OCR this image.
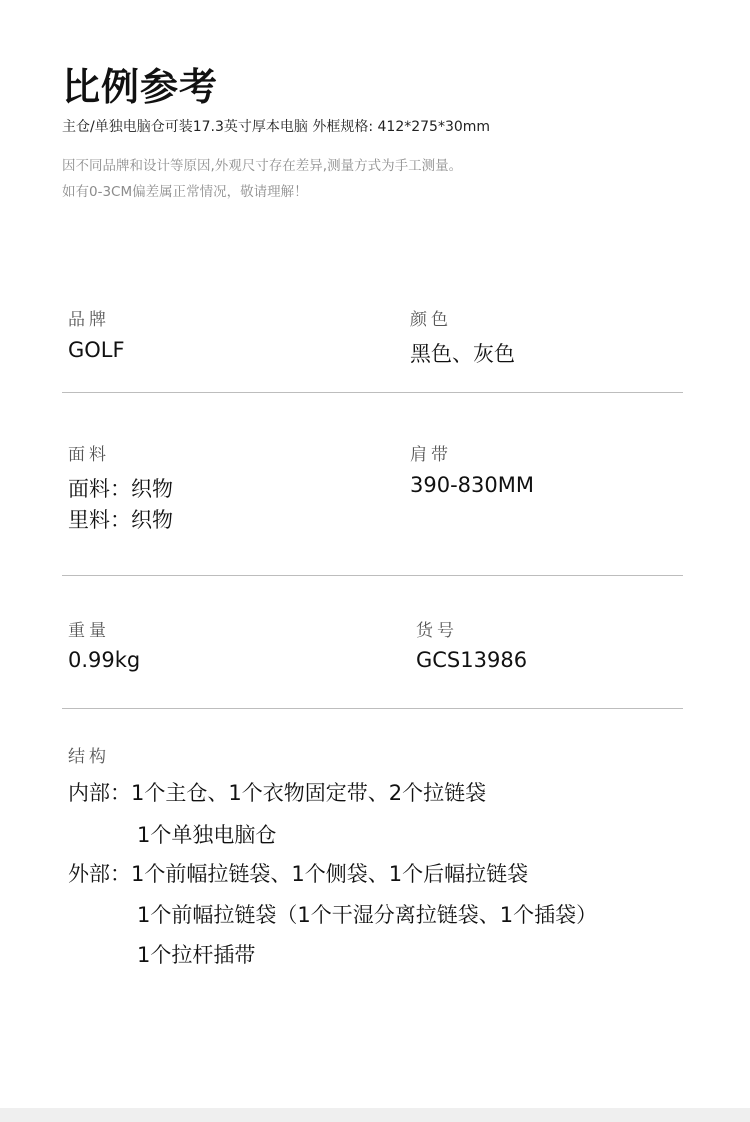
比例参考
主仓/单独电脑仓可装17.3英寸厚本电脑 外框规格: 412*275*30mm
因不同品牌和设计等原因,外观尺寸存在差异,测量方式为手工测量。
如有0-3CM偏差属正常情况，敬请理解！
品牌
GOLF
颜色
黑色、灰色
面料
面料：织物
里料：织物
肩带
390-830MM
重量
0.99kg
货号
GCS13986
结构
内部：1个主仓、1个衣物固定带、2个拉链袋
1个单独电脑仓
外部：1个前幅拉链袋、1个侧袋、1个后幅拉链袋
1个前幅拉链袋（1个干湿分离拉链袋、1个插袋）
1个拉杆插带
